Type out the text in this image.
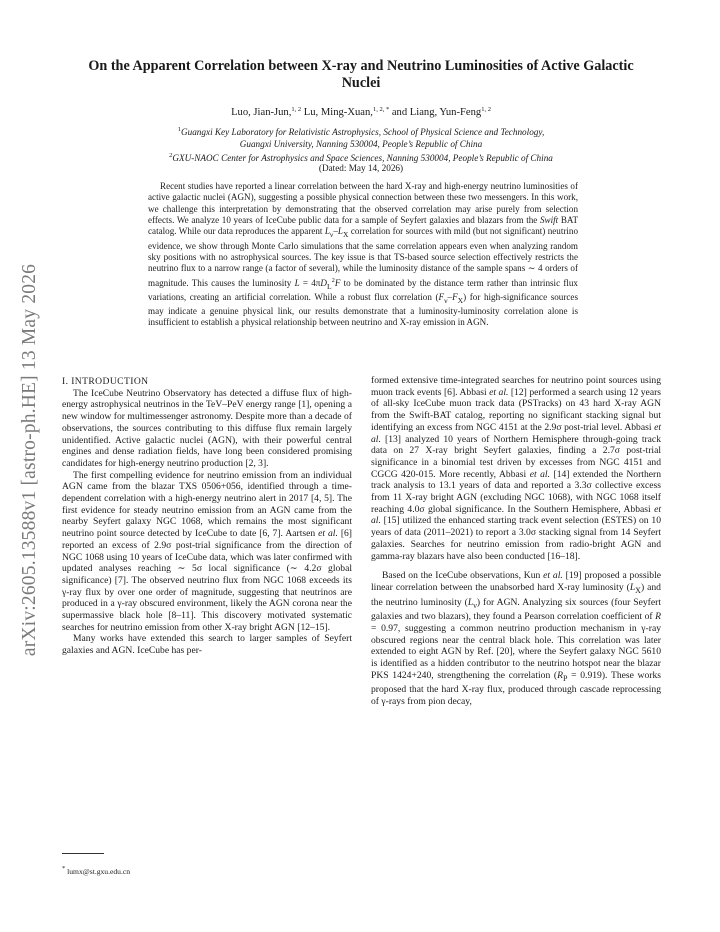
arXiv:2605.13588v1 [astro-ph.HE] 13 May 2026
On the Apparent Correlation between X-ray and Neutrino Luminosities of Active Galactic Nuclei
Luo, Jian-Jun,$^{1, 2}$ Lu, Ming-Xuan,$^{1, 2, *}$ and Liang, Yun-Feng$^{1, 2}$
$^1$Guangxi Key Laboratory for Relativistic Astrophysics, School of Physical Science and Technology,
Guangxi University, Nanning 530004, People’s Republic of China
$^2$GXU-NAOC Center for Astrophysics and Space Sciences, Nanning 530004, People’s Republic of China
(Dated: May 14, 2026)
Recent studies have reported a linear correlation between the hard X-ray and high-energy neutrino luminosities of active galactic nuclei (AGN), suggesting a possible physical connection between these two messengers. In this work, we challenge this interpretation by demonstrating that the observed correlation may arise purely from selection effects. We analyze 10 years of IceCube public data for a sample of Seyfert galaxies and blazars from the Swift BAT catalog. While our data reproduces the apparent $L_\nu-L_X$ correlation for sources with mild (but not significant) neutrino evidence, we show through Monte Carlo simulations that the same correlation appears even when analyzing random sky positions with no astrophysical sources. The key issue is that TS-based source selection effectively restricts the neutrino flux to a narrow range (a factor of several), while the luminosity distance of the sample spans ∼ 4 orders of magnitude. This causes the luminosity $L = 4\pi D_L^2F$ to be dominated by the distance term rather than intrinsic flux variations, creating an artificial correlation. While a robust flux correlation $(F_\nu-F_X)$ for high-significance sources may indicate a genuine physical link, our results demonstrate that a luminosity-luminosity correlation alone is insufficient to establish a physical relationship between neutrino and X-ray emission in AGN.

I. INTRODUCTION

The IceCube Neutrino Observatory has detected a diffuse flux of high-energy astrophysical neutrinos in the TeV–PeV energy range [1], opening a new window for multimessenger astronomy. Despite more than a decade of observations, the sources contributing to this diffuse flux remain largely unidentified. Active galactic nuclei (AGN), with their powerful central engines and dense radiation fields, have long been considered promising candidates for high-energy neutrino production [2, 3].

The first compelling evidence for neutrino emission from an individual AGN came from the blazar TXS 0506+056, identified through a time-dependent correlation with a high-energy neutrino alert in 2017 [4, 5]. The first evidence for steady neutrino emission from an AGN came from the nearby Seyfert galaxy NGC 1068, which remains the most significant neutrino point source detected by IceCube to date [6, 7]. Aartsen et al. [6] reported an excess of 2.9σ post-trial significance from the direction of NGC 1068 using 10 years of IceCube data, which was later confirmed with updated analyses reaching ∼ 5σ local significance (∼ 4.2σ global significance) [7]. The observed neutrino flux from NGC 1068 exceeds its γ-ray flux by over one order of magnitude, suggesting that neutrinos are produced in a γ-ray obscured environment, likely the AGN corona near the supermassive black hole [8–11]. This discovery motivated systematic searches for neutrino emission from other X-ray bright AGN [12–15].

Many works have extended this search to larger samples of Seyfert galaxies and AGN. IceCube has per-

formed extensive time-integrated searches for neutrino point sources using muon track events [6]. Abbasi et al. [12] performed a search using 12 years of all-sky IceCube muon track data (PSTracks) on 43 hard X-ray AGN from the Swift-BAT catalog, reporting no significant stacking signal but identifying an excess from NGC 4151 at the 2.9σ post-trial level. Abbasi et al. [13] analyzed 10 years of Northern Hemisphere through-going track data on 27 X-ray bright Seyfert galaxies, finding a 2.7σ post-trial significance in a binomial test driven by excesses from NGC 4151 and CGCG 420-015. More recently, Abbasi et al. [14] extended the Northern track analysis to 13.1 years of data and reported a 3.3σ collective excess from 11 X-ray bright AGN (excluding NGC 1068), with NGC 1068 itself reaching 4.0σ global significance. In the Southern Hemisphere, Abbasi et al. [15] utilized the enhanced starting track event selection (ESTES) on 10 years of data (2011–2021) to report a 3.0σ stacking signal from 14 Seyfert galaxies. Searches for neutrino emission from radio-bright AGN and gamma-ray blazars have also been conducted [16–18].

Based on the IceCube observations, Kun et al. [19] proposed a possible linear correlation between the unabsorbed hard X-ray luminosity $(L_X)$ and the neutrino luminosity $(L_\nu)$ for AGN. Analyzing six sources (four Seyfert galaxies and two blazars), they found a Pearson correlation coefficient of R = 0.97, suggesting a common neutrino production mechanism in γ-ray obscured regions near the central black hole. This correlation was later extended to eight AGN by Ref. [20], where the Seyfert galaxy NGC 5610 is identified as a hidden contributor to the neutrino hotspot near the blazar PKS 1424+240, strengthening the correlation $(R_P = 0.919)$. These works proposed that the hard X-ray flux, produced through cascade reprocessing of γ-rays from pion decay,

* lumx@st.gxu.edu.cn
